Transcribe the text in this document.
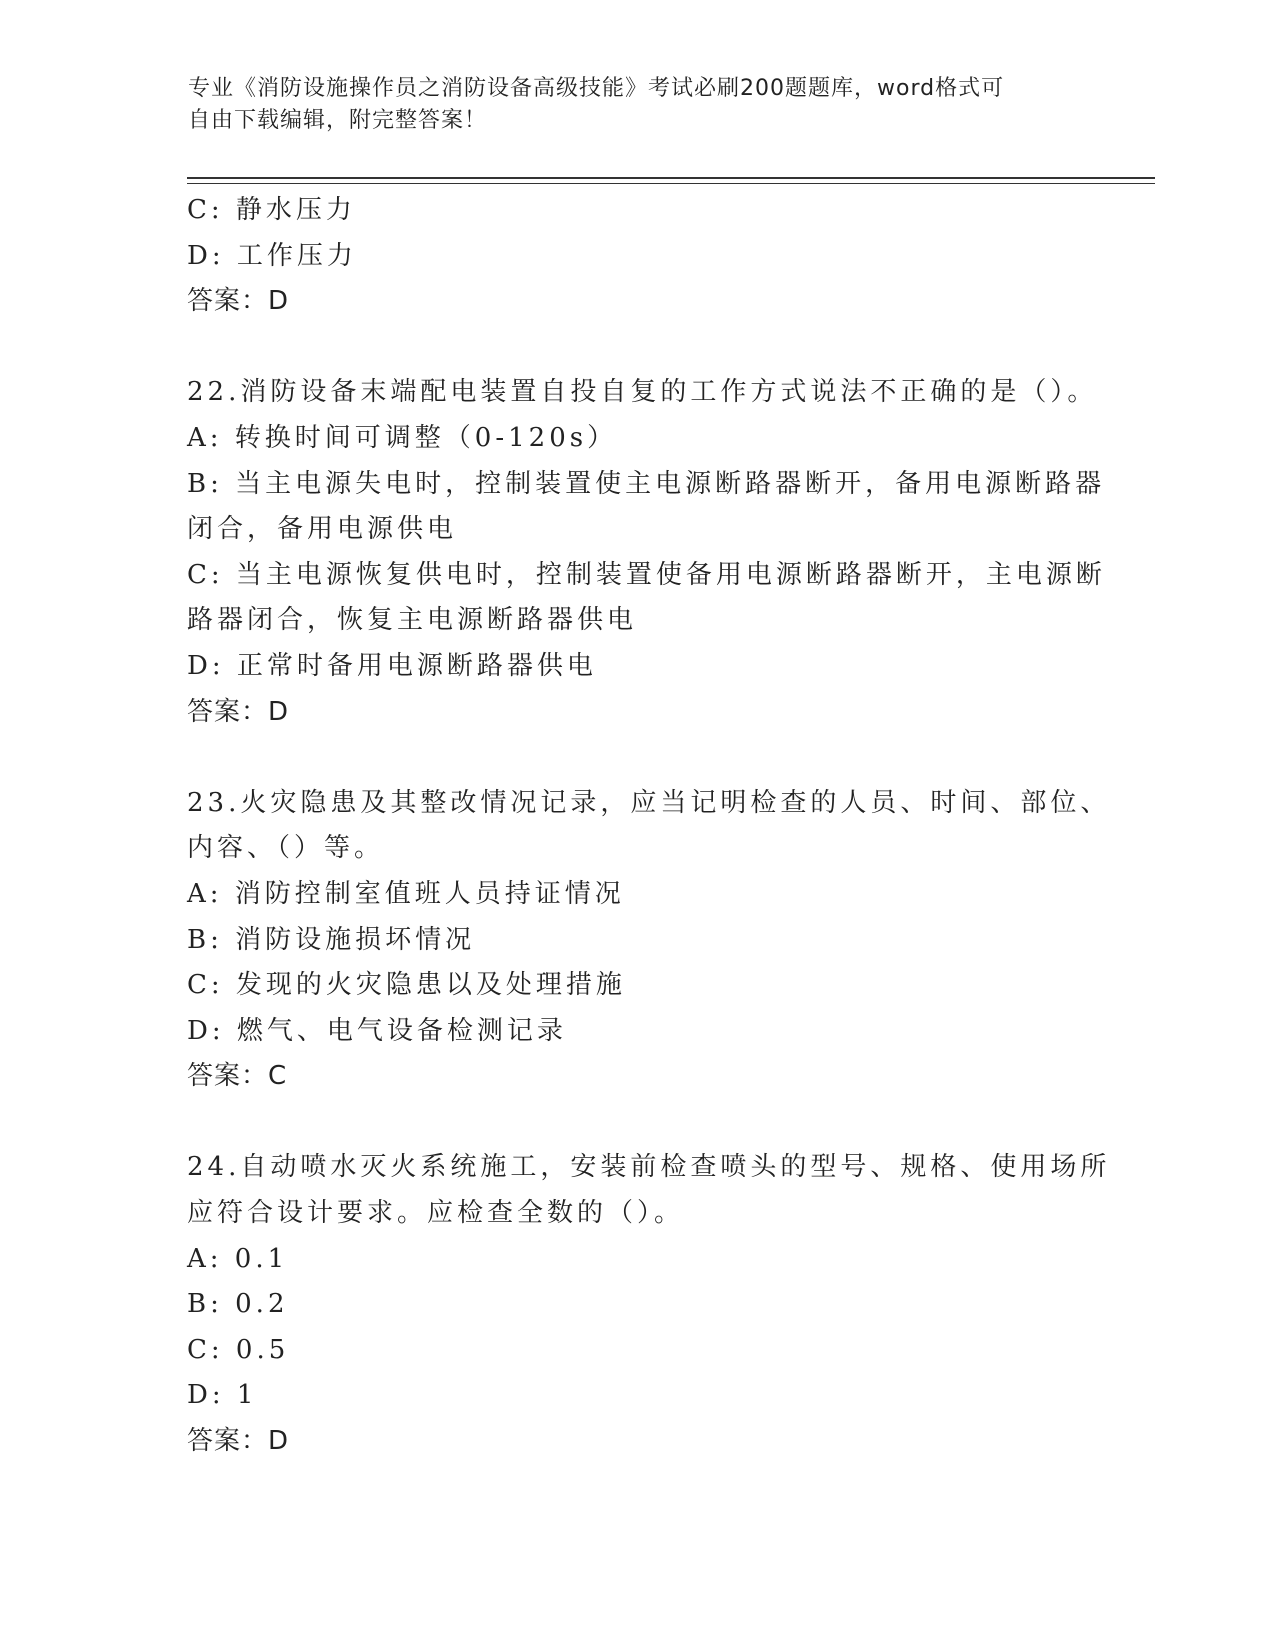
专业《消防设施操作员之消防设备高级技能》考试必刷200题题库，word格式可
自由下载编辑，附完整答案！
C: 静水压力
D: 工作压力
答案：D
22.消防设备末端配电装置自投自复的工作方式说法不正确的是（）。
A: 转换时间可调整（0-120s）
B: 当主电源失电时，控制装置使主电源断路器断开，备用电源断路器
闭合，备用电源供电
C: 当主电源恢复供电时，控制装置使备用电源断路器断开，主电源断
路器闭合，恢复主电源断路器供电
D: 正常时备用电源断路器供电
答案：D
23.火灾隐患及其整改情况记录，应当记明检查的人员、时间、部位、
内容、（）等。
A: 消防控制室值班人员持证情况
B: 消防设施损坏情况
C: 发现的火灾隐患以及处理措施
D: 燃气、电气设备检测记录
答案：C
24.自动喷水灭火系统施工，安装前检查喷头的型号、规格、使用场所
应符合设计要求。应检查全数的（）。
A: 0.1
B: 0.2
C: 0.5
D: 1
答案：D
